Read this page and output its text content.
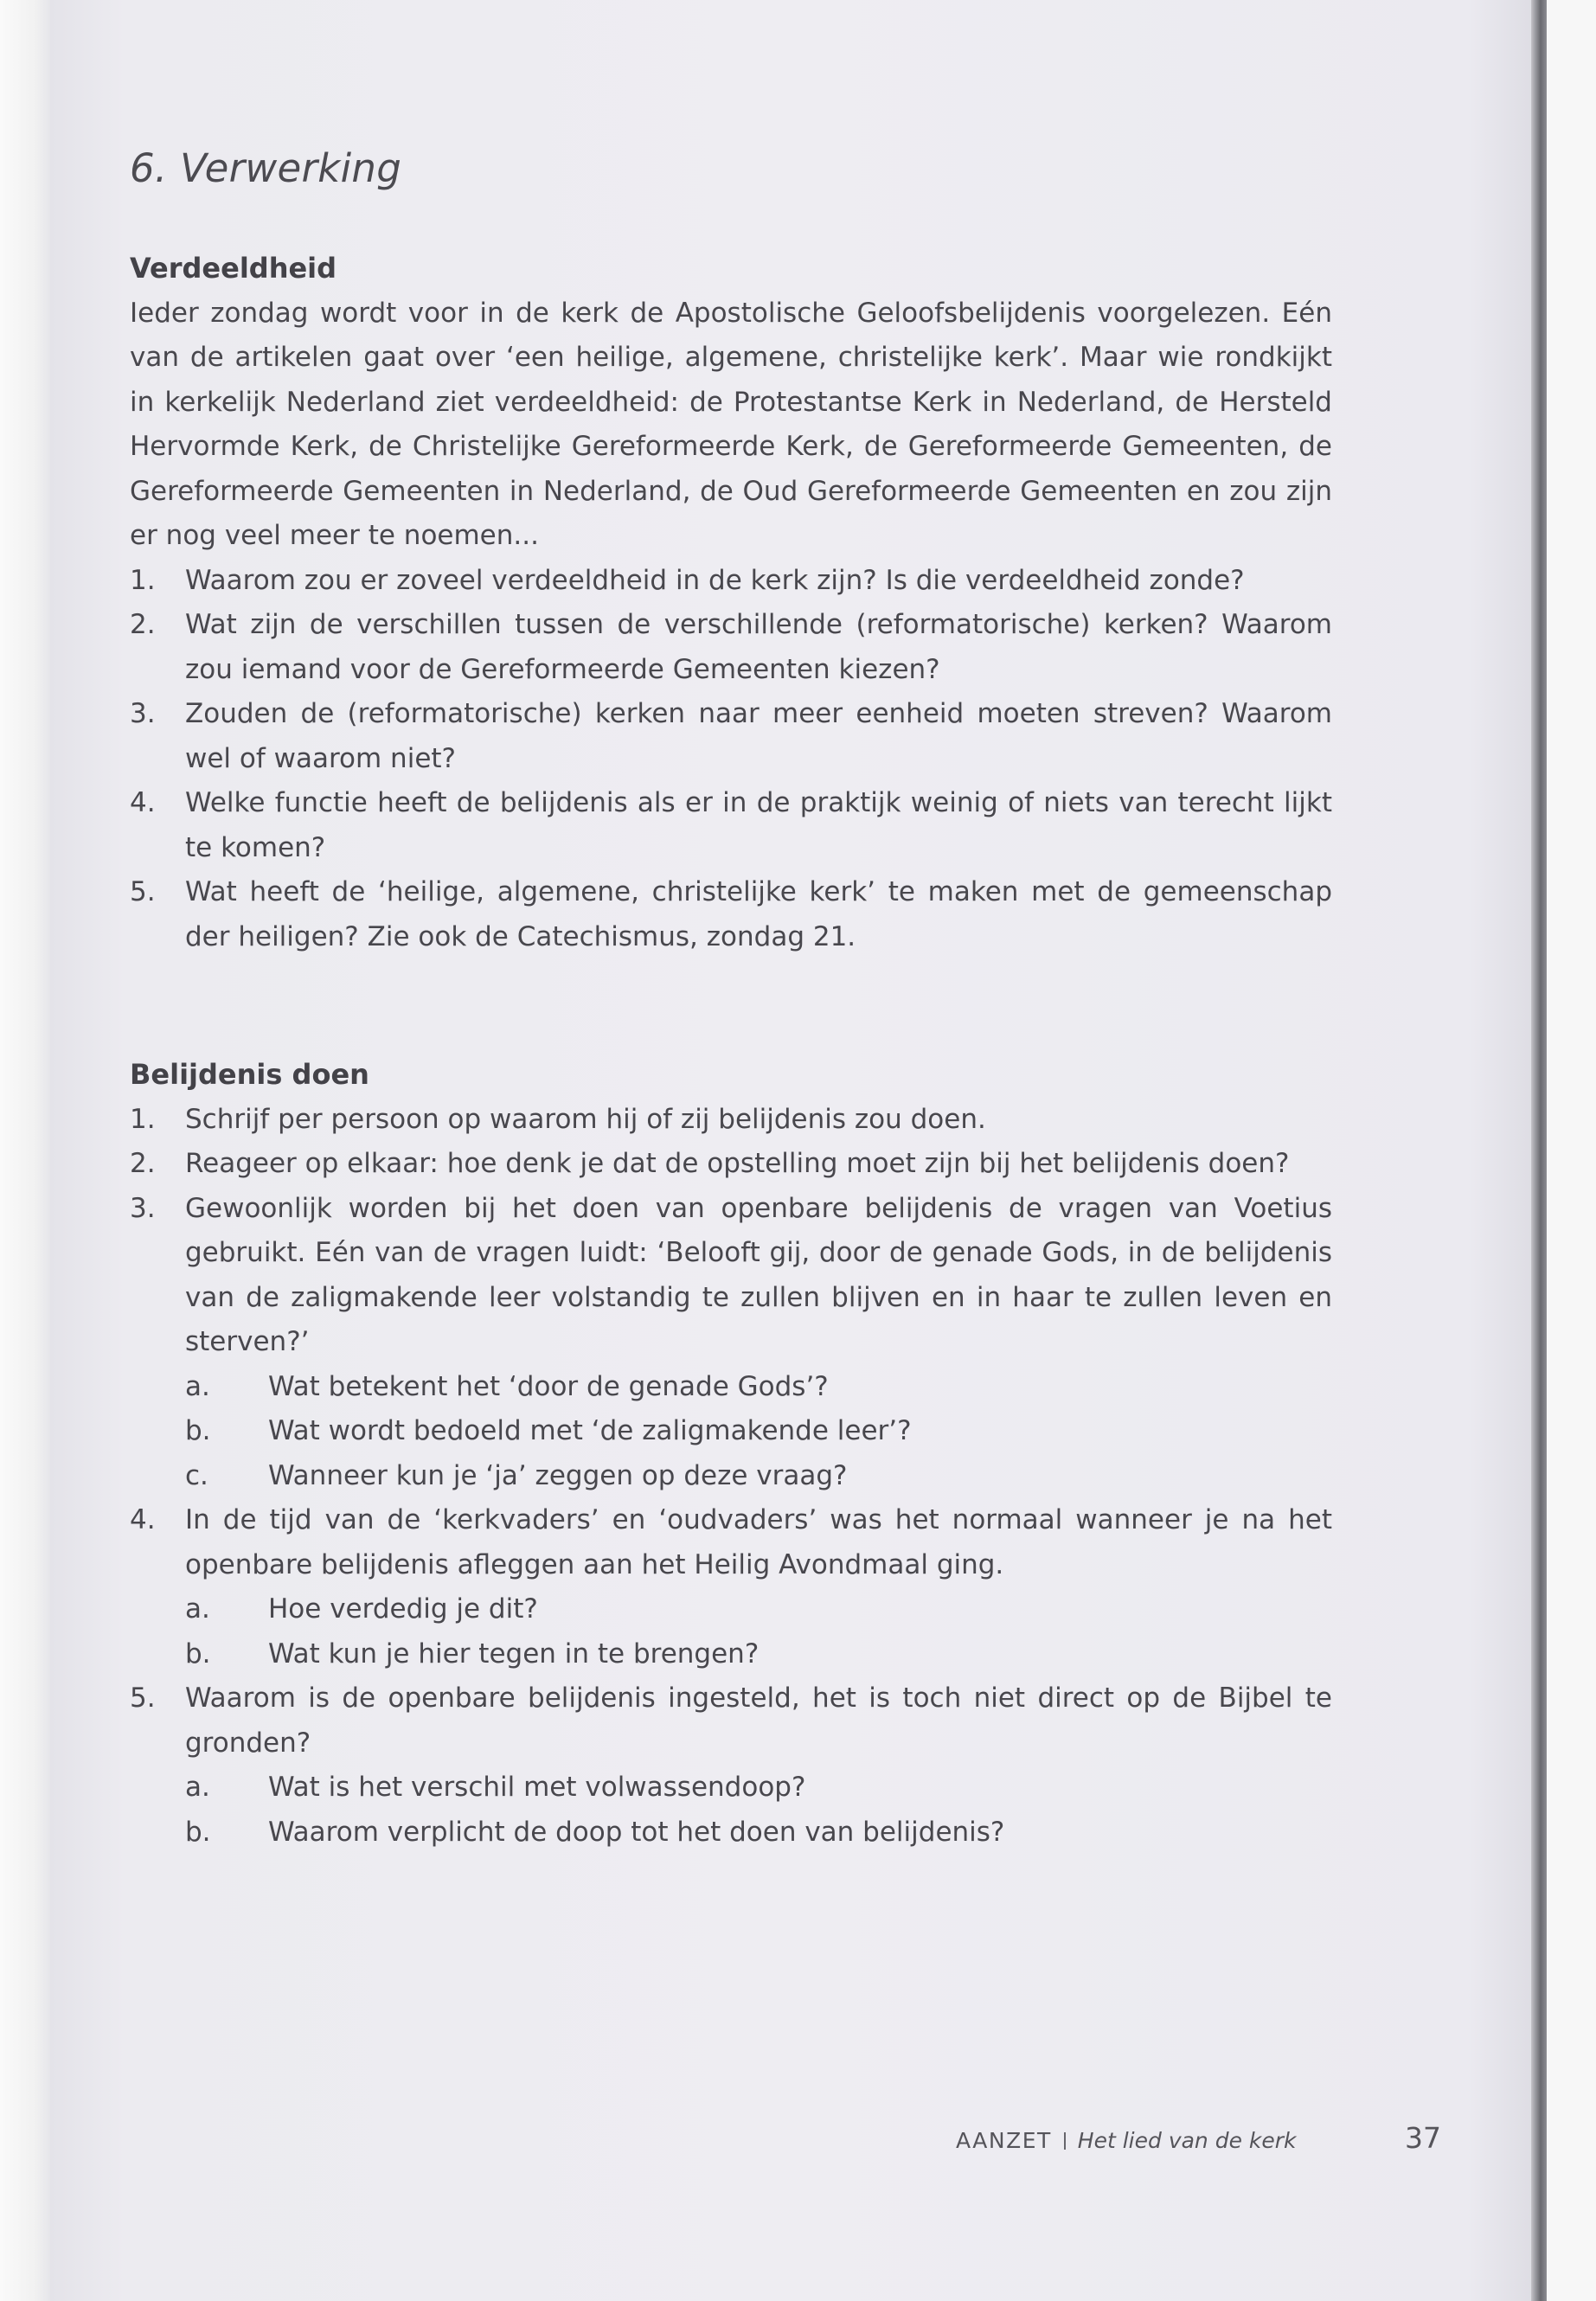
6. Verwerking
Verdeeldheid

Ieder zondag wordt voor in de kerk de Apostolische Geloofsbelijdenis voorgelezen. Eén van de artikelen gaat over ‘een heilige, algemene, christelijke kerk’. Maar wie rondkijkt in kerkelijk Nederland ziet verdeeldheid: de Protestantse Kerk in Nederland, de Hersteld Hervormde Kerk, de Christelijke Gereformeerde Kerk, de Gereformeerde Gemeenten, de Gereformeerde Gemeenten in Nederland, de Oud Gereformeerde Gemeenten en zou zijn er nog veel meer te noemen...

1. Waarom zou er zoveel verdeeldheid in de kerk zijn? Is die verdeeldheid zonde?
2. Wat zijn de verschillen tussen de verschillende (reformatorische) kerken? Waarom zou iemand voor de Gereformeerde Gemeenten kiezen?
3. Zouden de (reformatorische) kerken naar meer eenheid moeten streven? Waarom wel of waarom niet?
4. Welke functie heeft de belijdenis als er in de praktijk weinig of niets van terecht lijkt te komen?
5. Wat heeft de ‘heilige, algemene, christelijke kerk’ te maken met de gemeenschap der heiligen? Zie ook de Catechismus, zondag 21.
Belijdenis doen
1. Schrijf per persoon op waarom hij of zij belijdenis zou doen.
2. Reageer op elkaar: hoe denk je dat de opstelling moet zijn bij het belijdenis doen?
3. Gewoonlijk worden bij het doen van openbare belijdenis de vragen van Voetius gebruikt. Eén van de vragen luidt: ‘Belooft gij, door de genade Gods, in de belijdenis van de zaligmakende leer volstandig te zullen blijven en in haar te zullen leven en sterven?’
a. Wat betekent het ‘door de genade Gods’?
b. Wat wordt bedoeld met ‘de zaligmakende leer’?
c. Wanneer kun je ‘ja’ zeggen op deze vraag?
4. In de tijd van de ‘kerkvaders’ en ‘oudvaders’ was het normaal wanneer je na het openbare belijdenis afleggen aan het Heilig Avondmaal ging.
a. Hoe verdedig je dit?
b. Wat kun je hier tegen in te brengen?
5. Waarom is de openbare belijdenis ingesteld, het is toch niet direct op de Bijbel te gronden?
a. Wat is het verschil met volwassendoop?
b. Waarom verplicht de doop tot het doen van belijdenis?
AANZET Het lied van de kerk	37
